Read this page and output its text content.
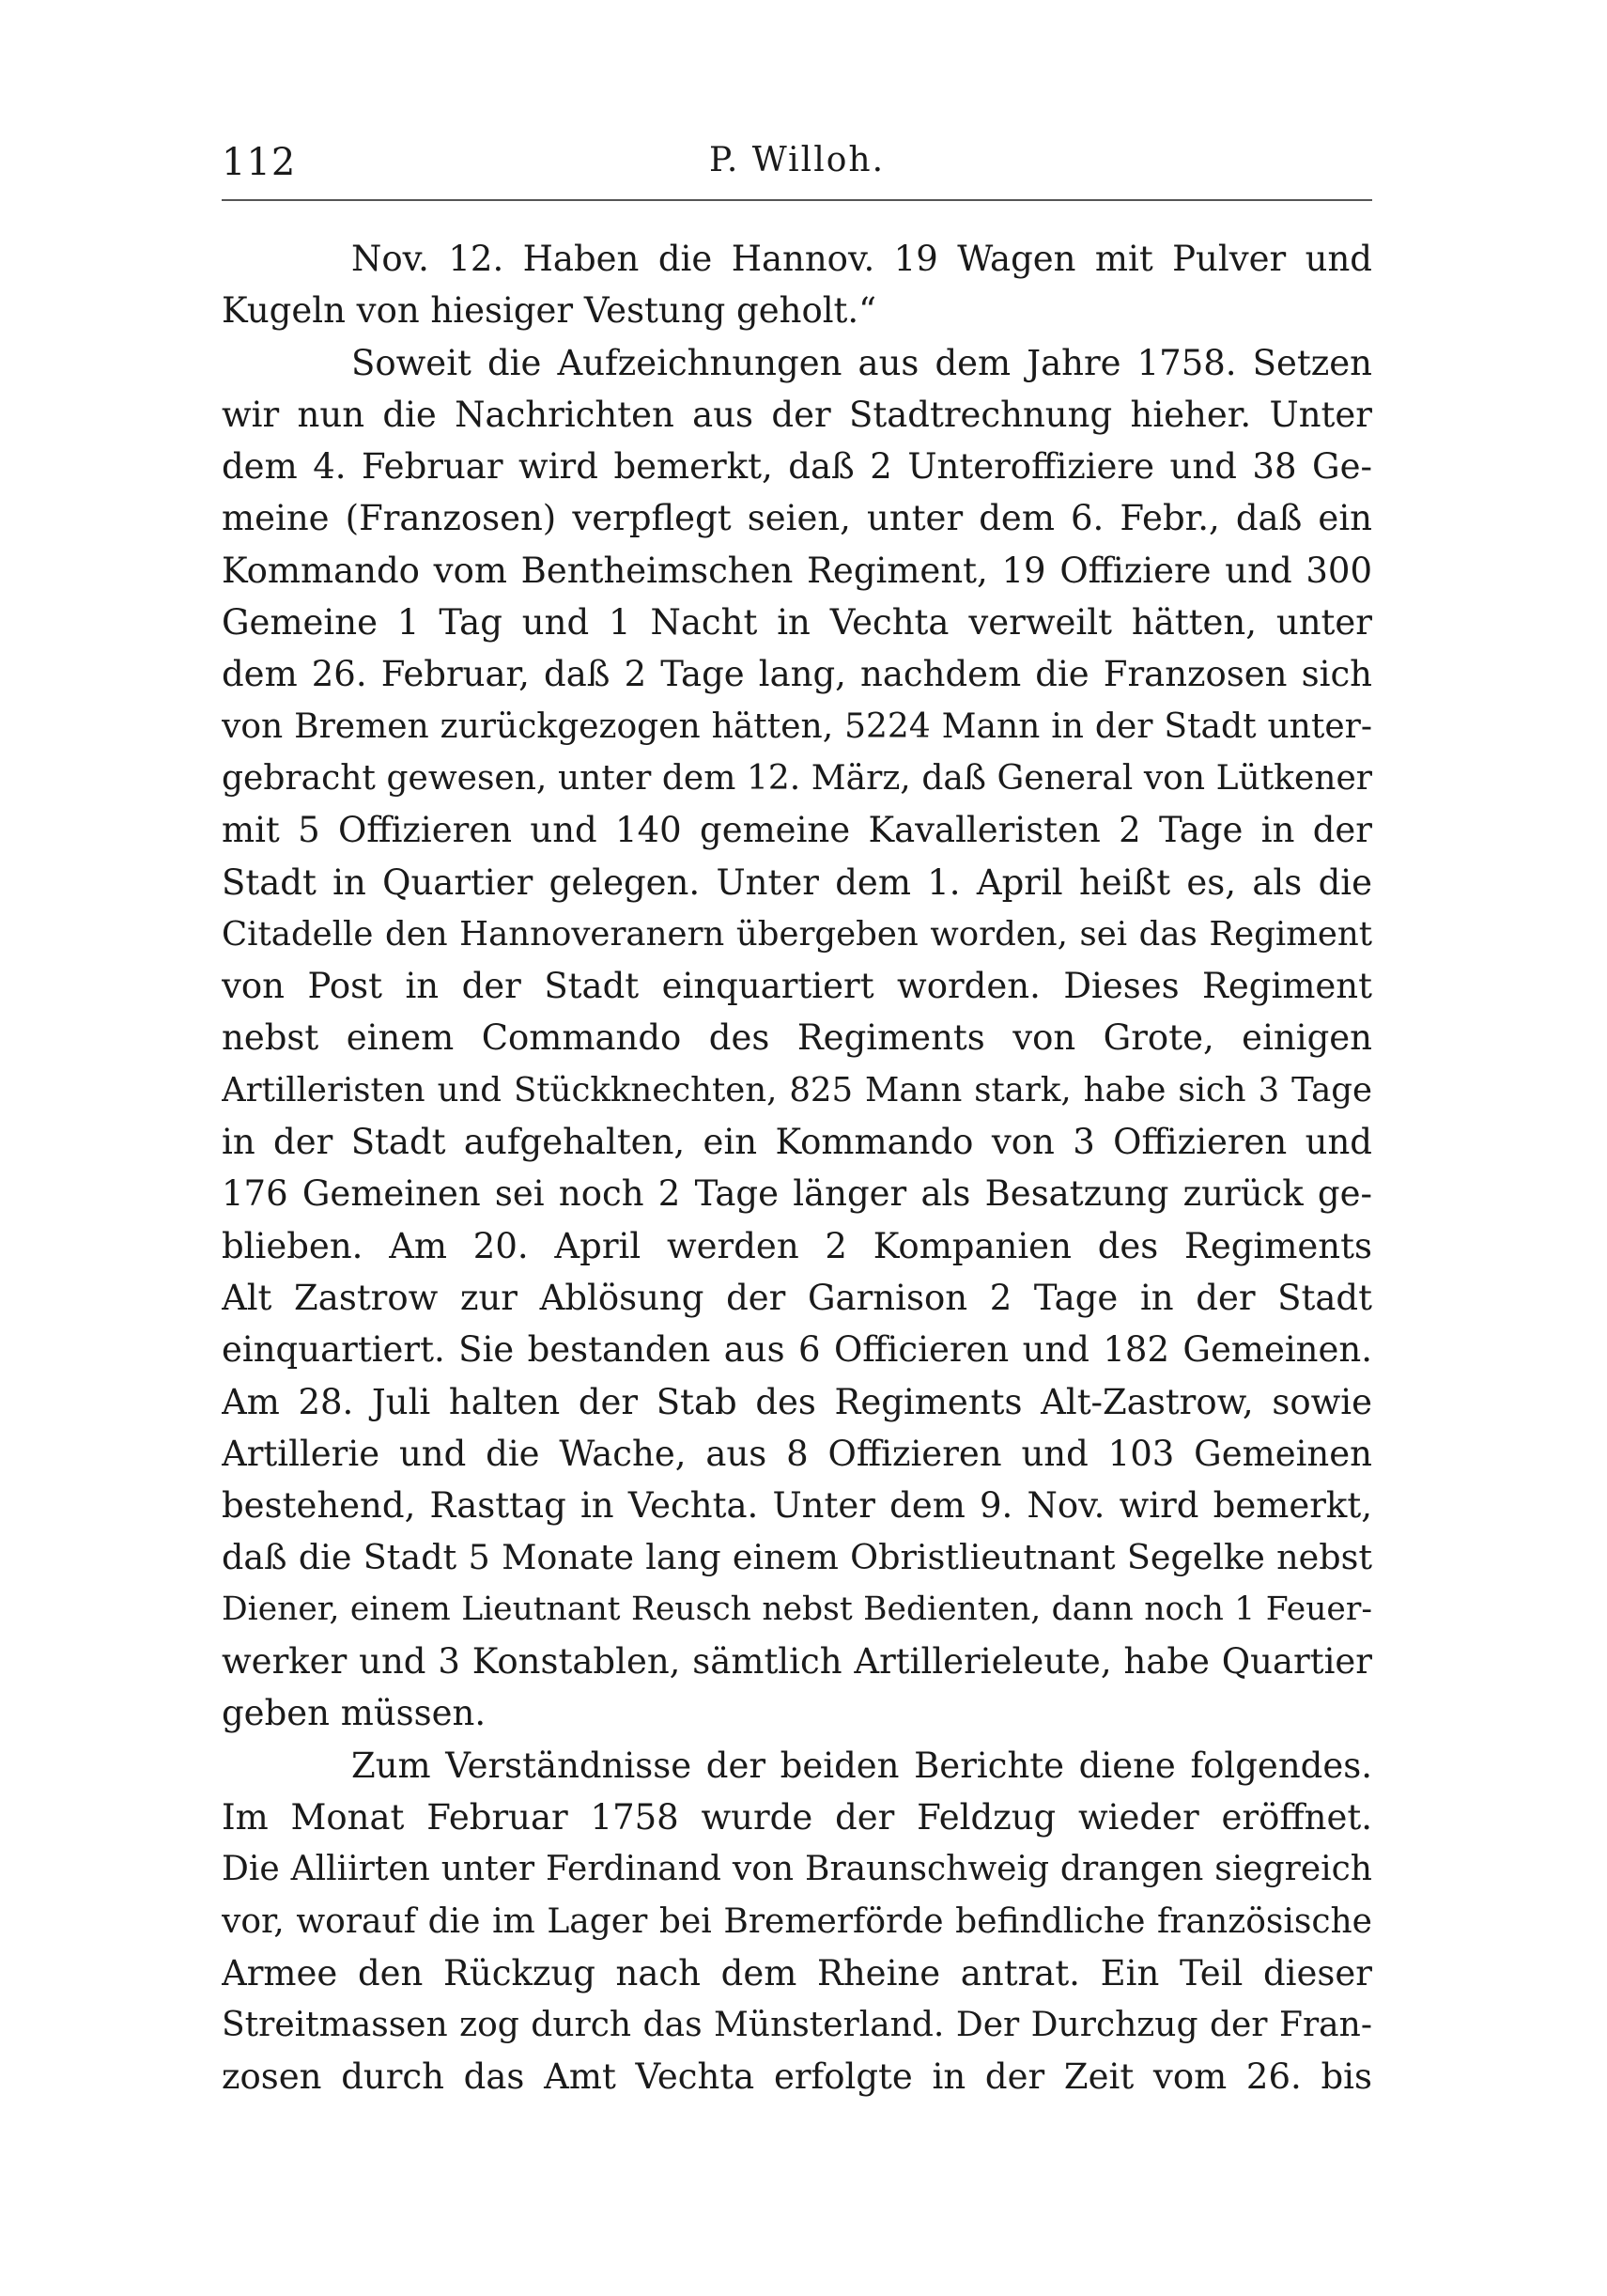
112	P. Willoh.
Nov. 12. Haben die Hannov. 19 Wagen mit Pulver und
Kugeln von hiesiger Vestung geholt.“
Soweit die Aufzeichnungen aus dem Jahre 1758. Setzen
wir nun die Nachrichten aus der Stadtrechnung hieher. Unter
dem 4. Februar wird bemerkt, daß 2 Unteroffiziere und 38 Ge-
meine (Franzosen) verpflegt seien, unter dem 6. Febr., daß ein
Kommando vom Bentheimschen Regiment, 19 Offiziere und 300
Gemeine 1 Tag und 1 Nacht in Vechta verweilt hätten, unter
dem 26. Februar, daß 2 Tage lang, nachdem die Franzosen sich
von Bremen zurückgezogen hätten, 5224 Mann in der Stadt unter-
gebracht gewesen, unter dem 12. März, daß General von Lütkener
mit 5 Offizieren und 140 gemeine Kavalleristen 2 Tage in der
Stadt in Quartier gelegen. Unter dem 1. April heißt es, als die
Citadelle den Hannoveranern übergeben worden, sei das Regiment
von Post in der Stadt einquartiert worden. Dieses Regiment
nebst einem Commando des Regiments von Grote, einigen
Artilleristen und Stückknechten, 825 Mann stark, habe sich 3 Tage
in der Stadt aufgehalten, ein Kommando von 3 Offizieren und
176 Gemeinen sei noch 2 Tage länger als Besatzung zurück ge-
blieben. Am 20. April werden 2 Kompanien des Regiments
Alt Zastrow zur Ablösung der Garnison 2 Tage in der Stadt
einquartiert. Sie bestanden aus 6 Officieren und 182 Gemeinen.
Am 28. Juli halten der Stab des Regiments Alt-Zastrow, sowie
Artillerie und die Wache, aus 8 Offizieren und 103 Gemeinen
bestehend, Rasttag in Vechta. Unter dem 9. Nov. wird bemerkt,
daß die Stadt 5 Monate lang einem Obristlieutnant Segelke nebst
Diener, einem Lieutnant Reusch nebst Bedienten, dann noch 1 Feuer-
werker und 3 Konstablen, sämtlich Artillerieleute, habe Quartier
geben müssen.
Zum Verständnisse der beiden Berichte diene folgendes.
Im Monat Februar 1758 wurde der Feldzug wieder eröffnet.
Die Alliirten unter Ferdinand von Braunschweig drangen siegreich
vor, worauf die im Lager bei Bremerförde befindliche französische
Armee den Rückzug nach dem Rheine antrat. Ein Teil dieser
Streitmassen zog durch das Münsterland. Der Durchzug der Fran-
zosen durch das Amt Vechta erfolgte in der Zeit vom 26. bis
